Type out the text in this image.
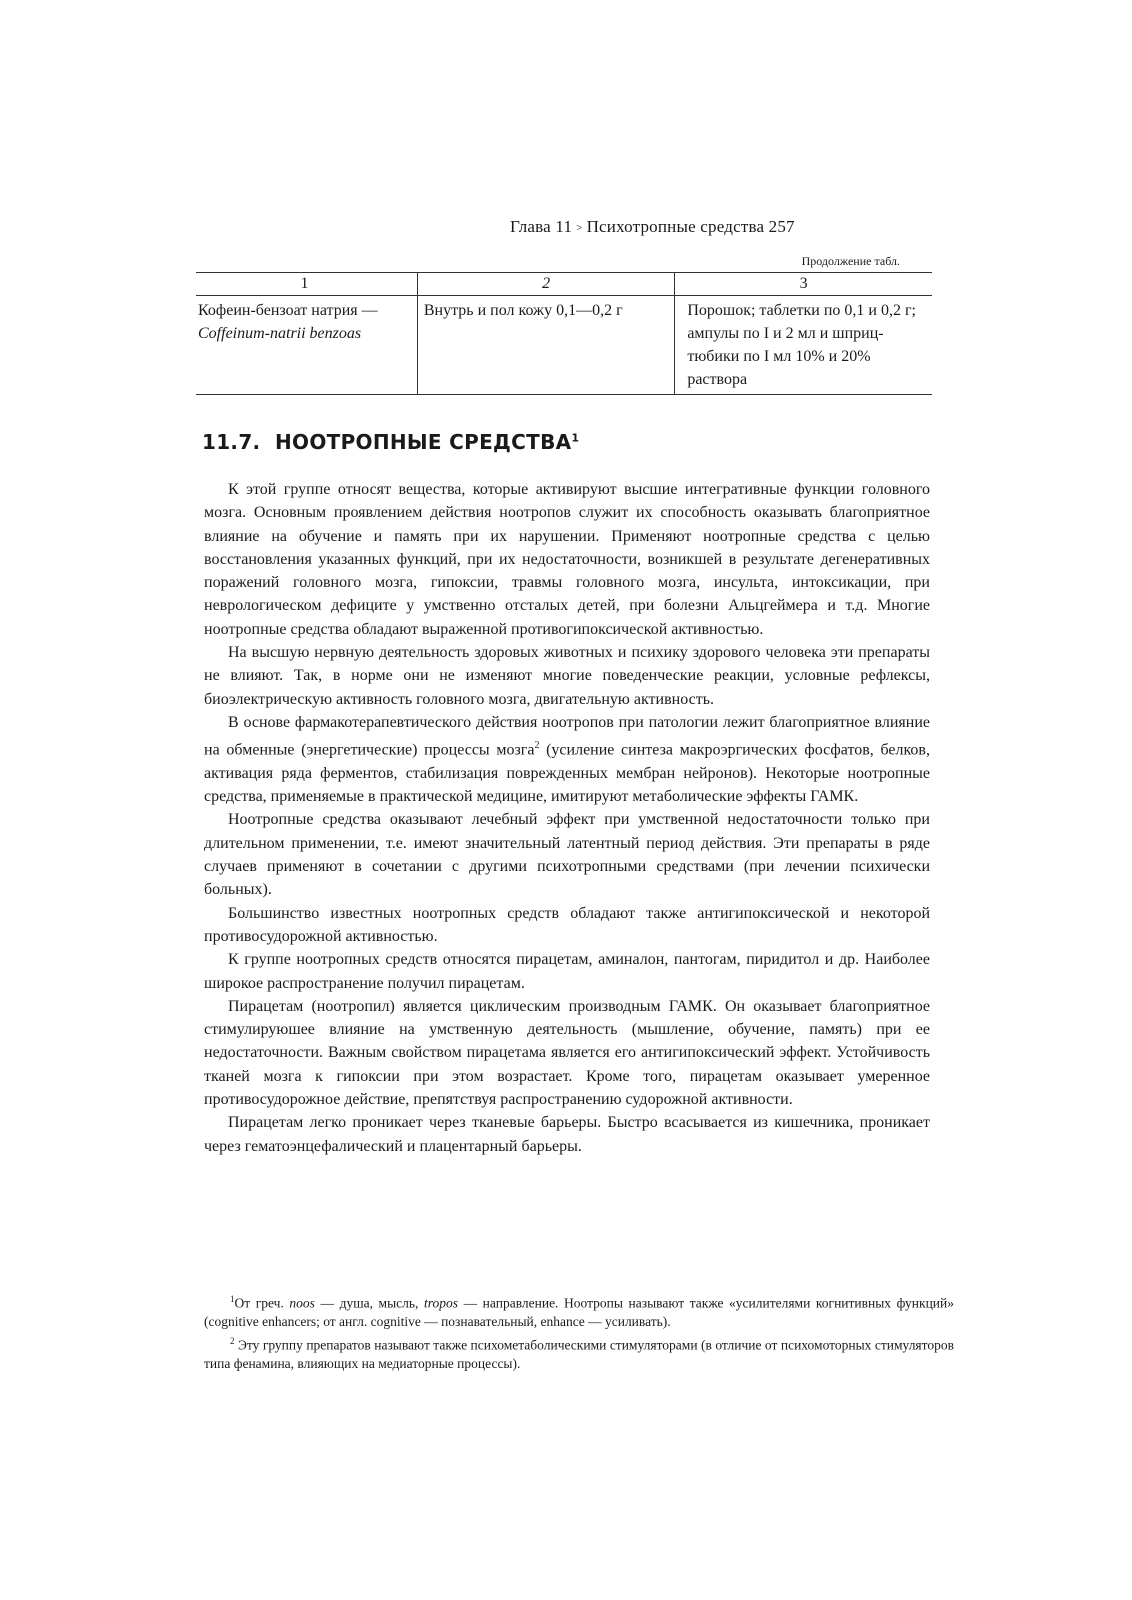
Глава 11 > Психотропные средства 257
Продолжение табл.
1	2	3

Кофеин-бензоат натрия —
Coffeinum-natrii benzoas	Внутрь и пол кожу 0,1—0,2 г	Порошок; таблетки по 0,1 и 0,2 г; ампулы по I и 2 мл и шприц-тюбики по I мл 10% и 20% раствора
11.7. НООТРОПНЫЕ СРЕДСТВА$^1$

К этой группе относят вещества, которые активируют высшие интегративные функции головного мозга. Основным проявлением действия ноотропов служит их способность оказывать благоприятное влияние на обучение и память при их нарушении. Применяют ноотропные средства с целью восстановления указанных функций, при их недостаточности, возникшей в результате дегенеративных поражений головного мозга, гипоксии, травмы головного мозга, инсульта, интоксикации, при неврологическом дефиците у умственно отсталых детей, при болезни Альцгеймера и т.д. Многие ноотропные средства обладают выраженной противогипоксической активностью.

На высшую нервную деятельность здоровых животных и психику здорового человека эти препараты не влияют. Так, в норме они не изменяют многие поведенческие реакции, условные рефлексы, биоэлектрическую активность головного мозга, двигательную активность.

В основе фармакотерапевтического действия ноотропов при патологии лежит благоприятное влияние на обменные (энергетические) процессы мозга$^2$ (усиление синтеза макроэргических фосфатов, белков, активация ряда ферментов, стабилизация поврежденных мембран нейронов). Некоторые ноотропные средства, применяемые в практической медицине, имитируют метаболические эффекты ГАМК.

Ноотропные средства оказывают лечебный эффект при умственной недостаточности только при длительном применении, т.е. имеют значительный латентный период действия. Эти препараты в ряде случаев применяют в сочетании с другими психотропными средствами (при лечении психически больных).

Большинство известных ноотропных средств обладают также антигипоксической и некоторой противосудорожной активностью.

К группе ноотропных средств относятся пирацетам, аминалон, пантогам, пиридитол и др. Наиболее широкое распространение получил пирацетам.

Пирацетам (ноотропил) является циклическим производным ГАМК. Он оказывает благоприятное стимулируюшее влияние на умственную деятельность (мышление, обучение, память) при ее недостаточности. Важным свойством пирацетама является его антигипоксический эффект. Устойчивость тканей мозга к гипоксии при этом возрастает. Кроме того, пирацетам оказывает умеренное противосудорожное действие, препятствуя распространению судорожной активности.

Пирацетам легко проникает через тканевые барьеры. Быстро всасывается из кишечника, проникает через гематоэнцефалический и плацентарный барьеры.

$^1$От греч. noos — душа, мысль, tropos — направление. Ноотропы называют также «усилителями когнитивных функций» (cognitive enhancers; от англ. cognitive — познавательный, enhance — усиливать).

$^2$ Эту группу препаратов называют также психометаболическими стимуляторами (в отличие от психомоторных стимуляторов типа фенамина, влияющих на медиаторные процессы).
